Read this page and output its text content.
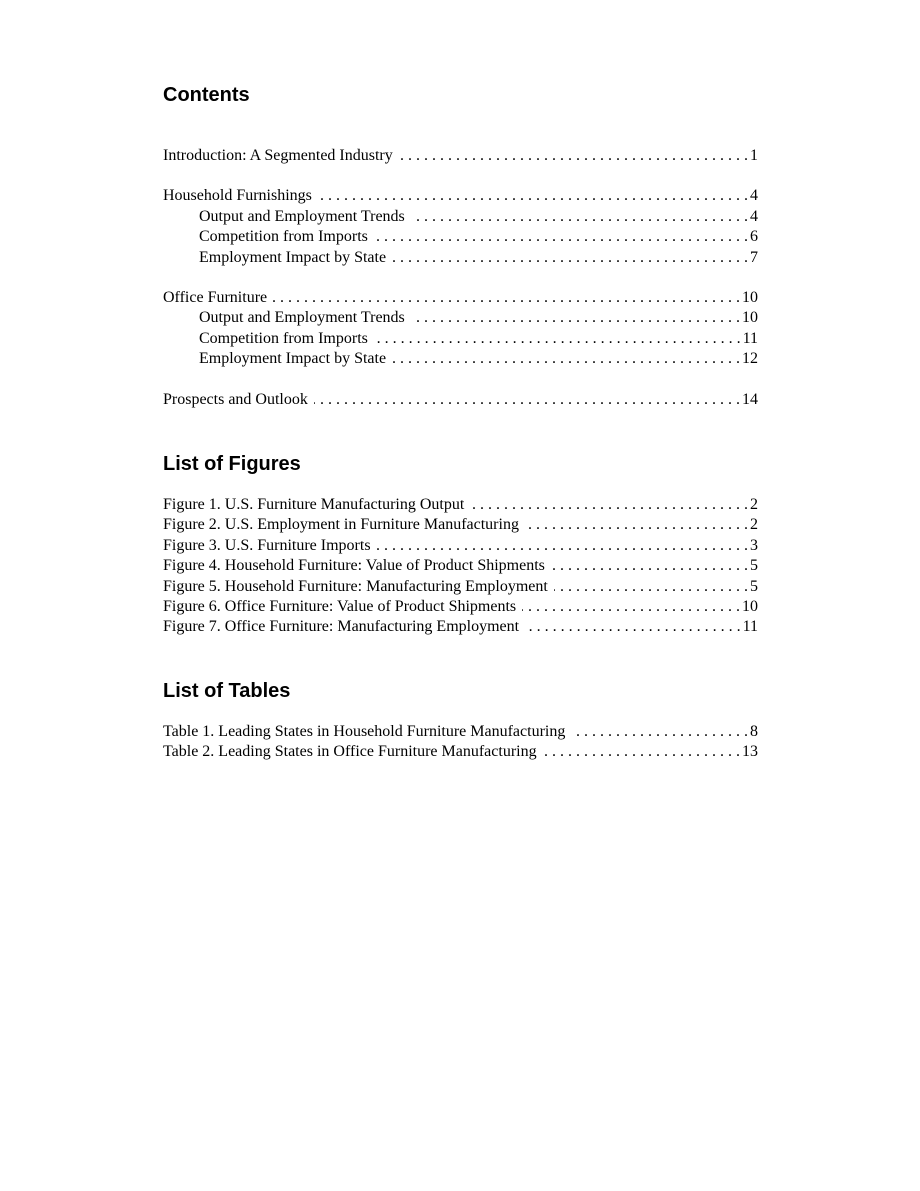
Contents
Introduction: A Segmented Industry . . .	1
Household Furnishings . . .	4
Output and Employment Trends . . .	4
Competition from Imports . . .	6
Employment Impact by State . . .	7
Office Furniture . . .	10
Output and Employment Trends . . .	10
Competition from Imports . . .	11
Employment Impact by State . . .	12
Prospects and Outlook . . .	14
List of Figures
Figure 1. U.S. Furniture Manufacturing Output . . .	2
Figure 2. U.S. Employment in Furniture Manufacturing . . .	2
Figure 3. U.S. Furniture Imports . . .	3
Figure 4. Household Furniture: Value of Product Shipments . . .	5
Figure 5. Household Furniture: Manufacturing Employment . . .	5
Figure 6. Office Furniture: Value of Product Shipments . . .	10
Figure 7. Office Furniture: Manufacturing Employment . . .	11
List of Tables
Table 1. Leading States in Household Furniture Manufacturing . . .	8
Table 2. Leading States in Office Furniture Manufacturing . . .	13
